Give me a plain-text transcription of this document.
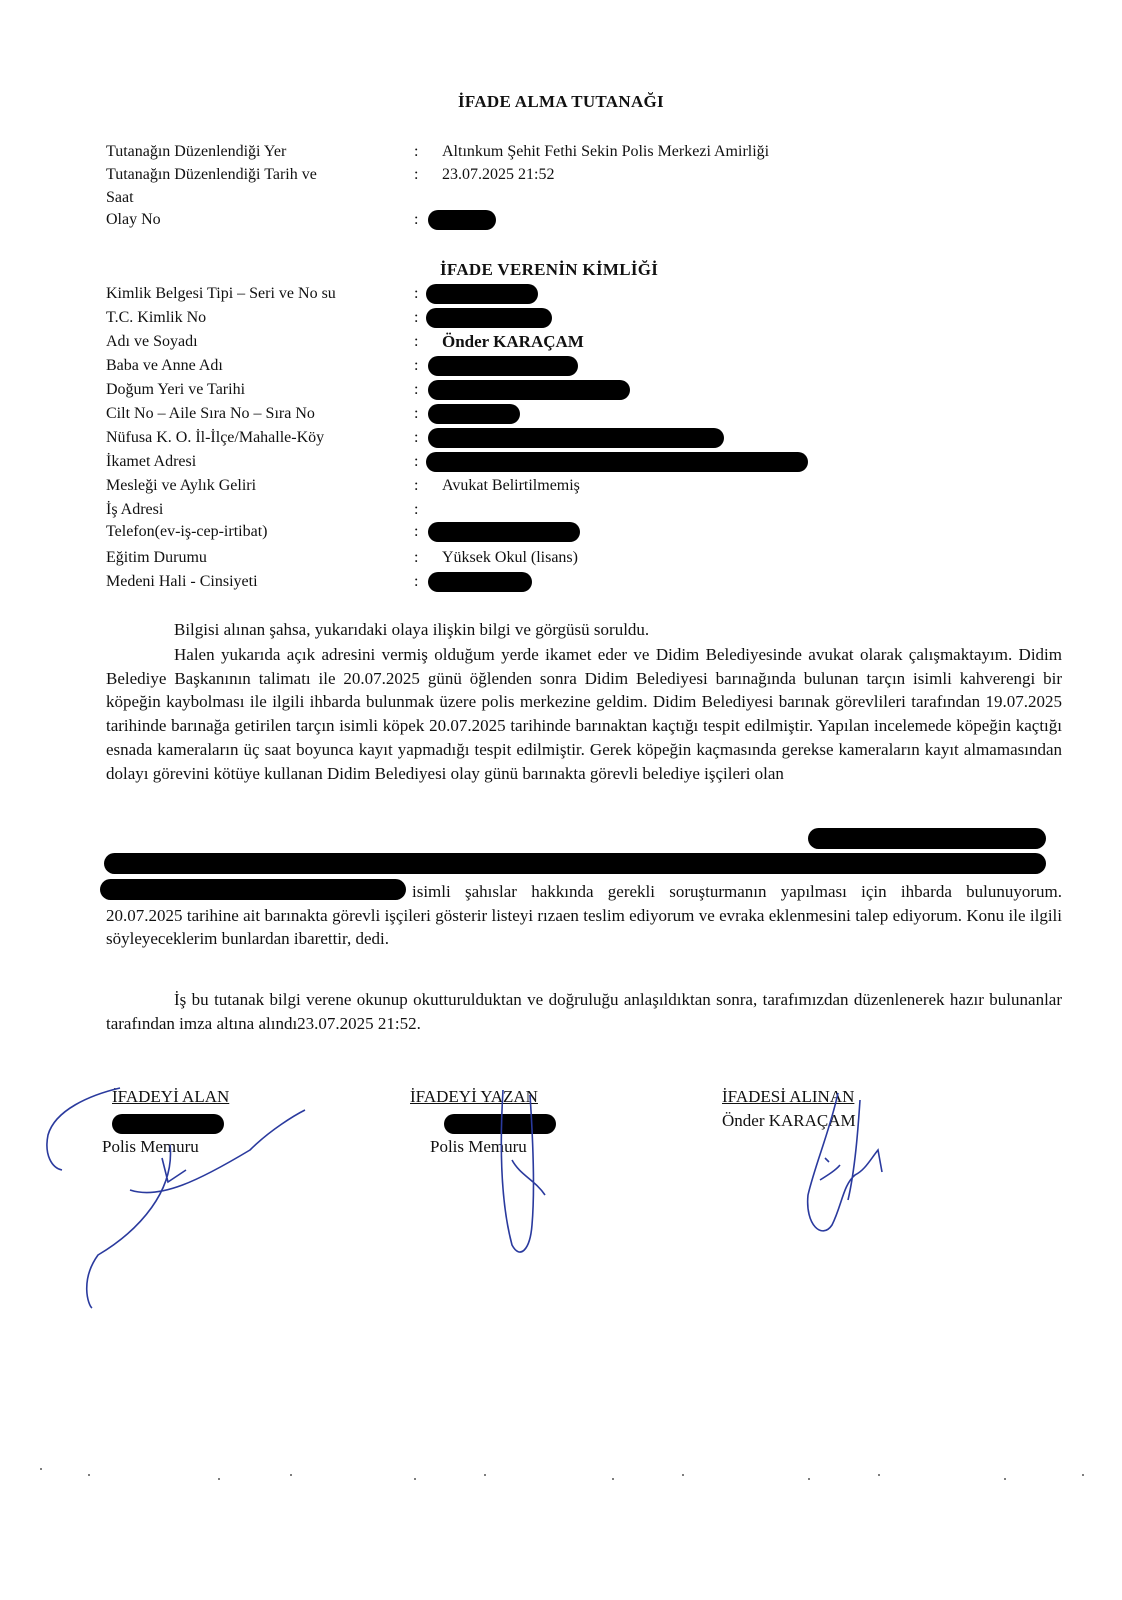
İFADE ALMA TUTANAĞI
Tutanağın Düzenlendiği Yer	: Altınkum Şehit Fethi Sekin Polis Merkezi Amirliği
Tutanağın Düzenlendiği Tarih ve	: 23.07.2025 21:52
Saat
Olay No	:
İFADE VERENİN KİMLİĞİ
Kimlik Belgesi Tipi – Seri ve No su	:
T.C. Kimlik No	:
Adı ve Soyadı	: Önder KARAÇAM
Baba ve Anne Adı	:
Doğum Yeri ve Tarihi	:
Cilt No – Aile Sıra No – Sıra No	:
Nüfusa K. O. İl-İlçe/Mahalle-Köy	:
İkamet Adresi	:
Mesleği ve Aylık Geliri	: Avukat Belirtilmemiş
İş Adresi	:
Telefon(ev-iş-cep-irtibat)	:
Eğitim Durumu	: Yüksek Okul (lisans)
Medeni Hali - Cinsiyeti	:

Bilgisi alınan şahsa, yukarıdaki olaya ilişkin bilgi ve görgüsü soruldu.

Halen yukarıda açık adresini vermiş olduğum yerde ikamet eder ve Didim Belediyesinde avukat olarak çalışmaktayım. Didim Belediye Başkanının talimatı ile 20.07.2025 günü öğlenden sonra Didim Belediyesi barınağında bulunan tarçın isimli kahverengi bir köpeğin kaybolması ile ilgili ihbarda bulunmak üzere polis merkezine geldim. Didim Belediyesi barınak görevlileri tarafından 19.07.2025 tarihinde barınağa getirilen tarçın isimli köpek 20.07.2025 tarihinde barınaktan kaçtığı tespit edilmiştir. Yapılan incelemede köpeğin kaçtığı esnada kameraların üç saat boyunca kayıt yapmadığı tespit edilmiştir. Gerek köpeğin kaçmasında gerekse kameraların kayıt almamasından dolayı görevini kötüye kullanan Didim Belediyesi olay günü barınakta görevli belediye işçileri olan

isimli şahıslar hakkında gerekli soruşturmanın yapılması için ihbarda bulunuyorum. 20.07.2025 tarihine ait barınakta görevli işçileri gösterir listeyi rızaen teslim ediyorum ve evraka eklenmesini talep ediyorum. Konu ile ilgili söyleyeceklerim bunlardan ibarettir, dedi.

İş bu tutanak bilgi verene okunup okutturulduktan ve doğruluğu anlaşıldıktan sonra, tarafımızdan düzenlenerek hazır bulunanlar tarafından imza altına alındı23.07.2025 21:52.

İFADEYİ ALAN
Polis Memuru
İFADEYİ YAZAN
Polis Memuru
İFADESİ ALINAN
Önder KARAÇAM
